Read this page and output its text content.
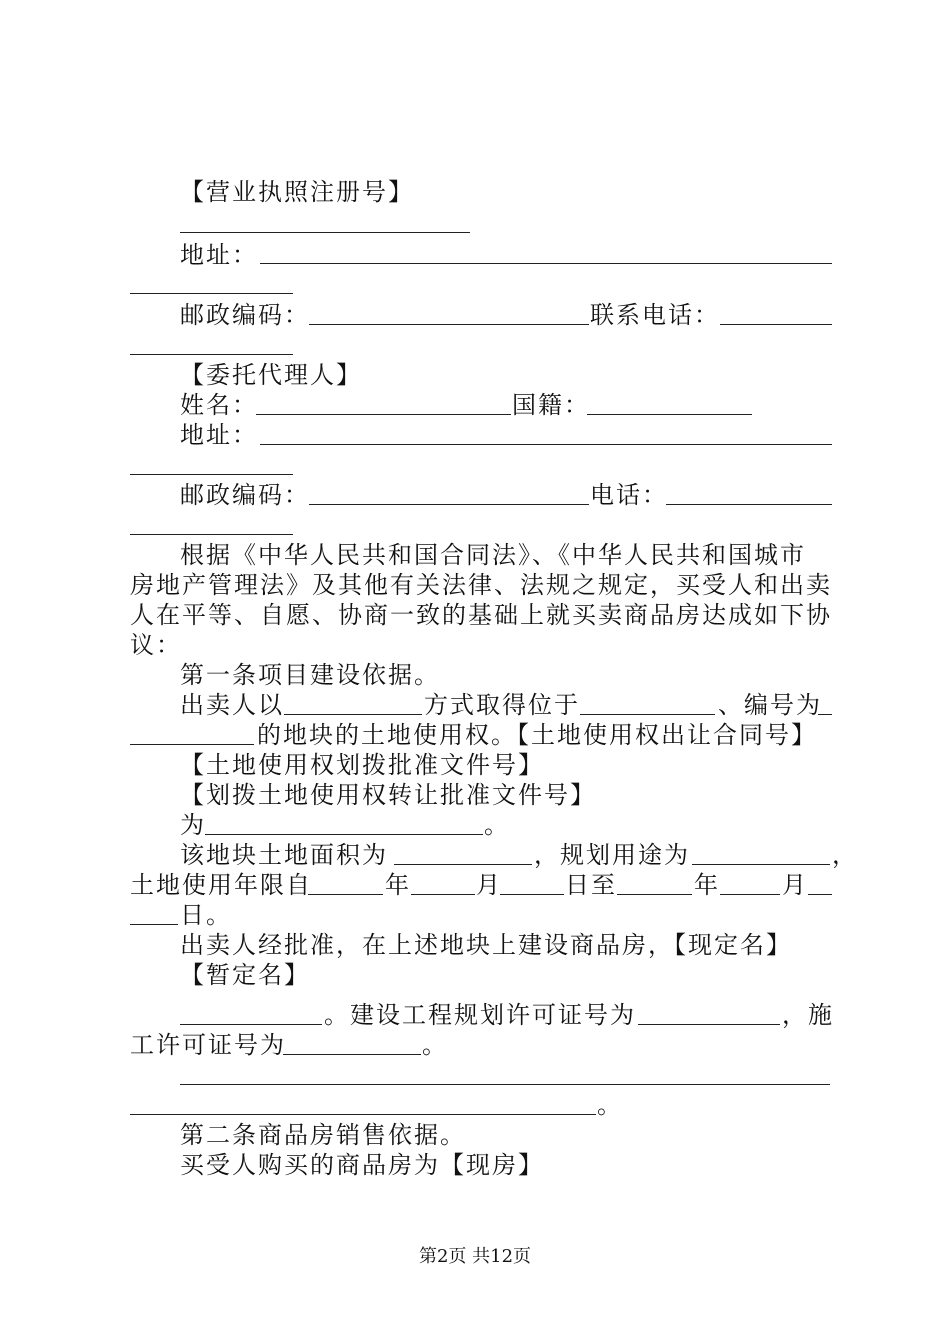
【营业执照注册号】
地址：
邮政编码：	联系电话：
【委托代理人】
姓名：	国籍：
地址：
邮政编码：	电话：
根据《中华人民共和国合同法》、《中华人民共和国城市
房地产管理法》及其他有关法律、法规之规定，买受人和出卖
人在平等、自愿、协商一致的基础上就买卖商品房达成如下协
议：
第一条项目建设依据。
出卖人以	方式取得位于	、编号为
的地块的土地使用权。【土地使用权出让合同号】
【土地使用权划拨批准文件号】
【划拨土地使用权转让批准文件号】
为	。
该地块土地面积为	，规划用途为	，
土地使用年限自	年	月	日至	年	月
日。
出卖人经批准，在上述地块上建设商品房，【现定名】
【暂定名】
。建设工程规划许可证号为	，施
工许可证号为	。
。
第二条商品房销售依据。
买受人购买的商品房为【现房】
第2页 共12页
